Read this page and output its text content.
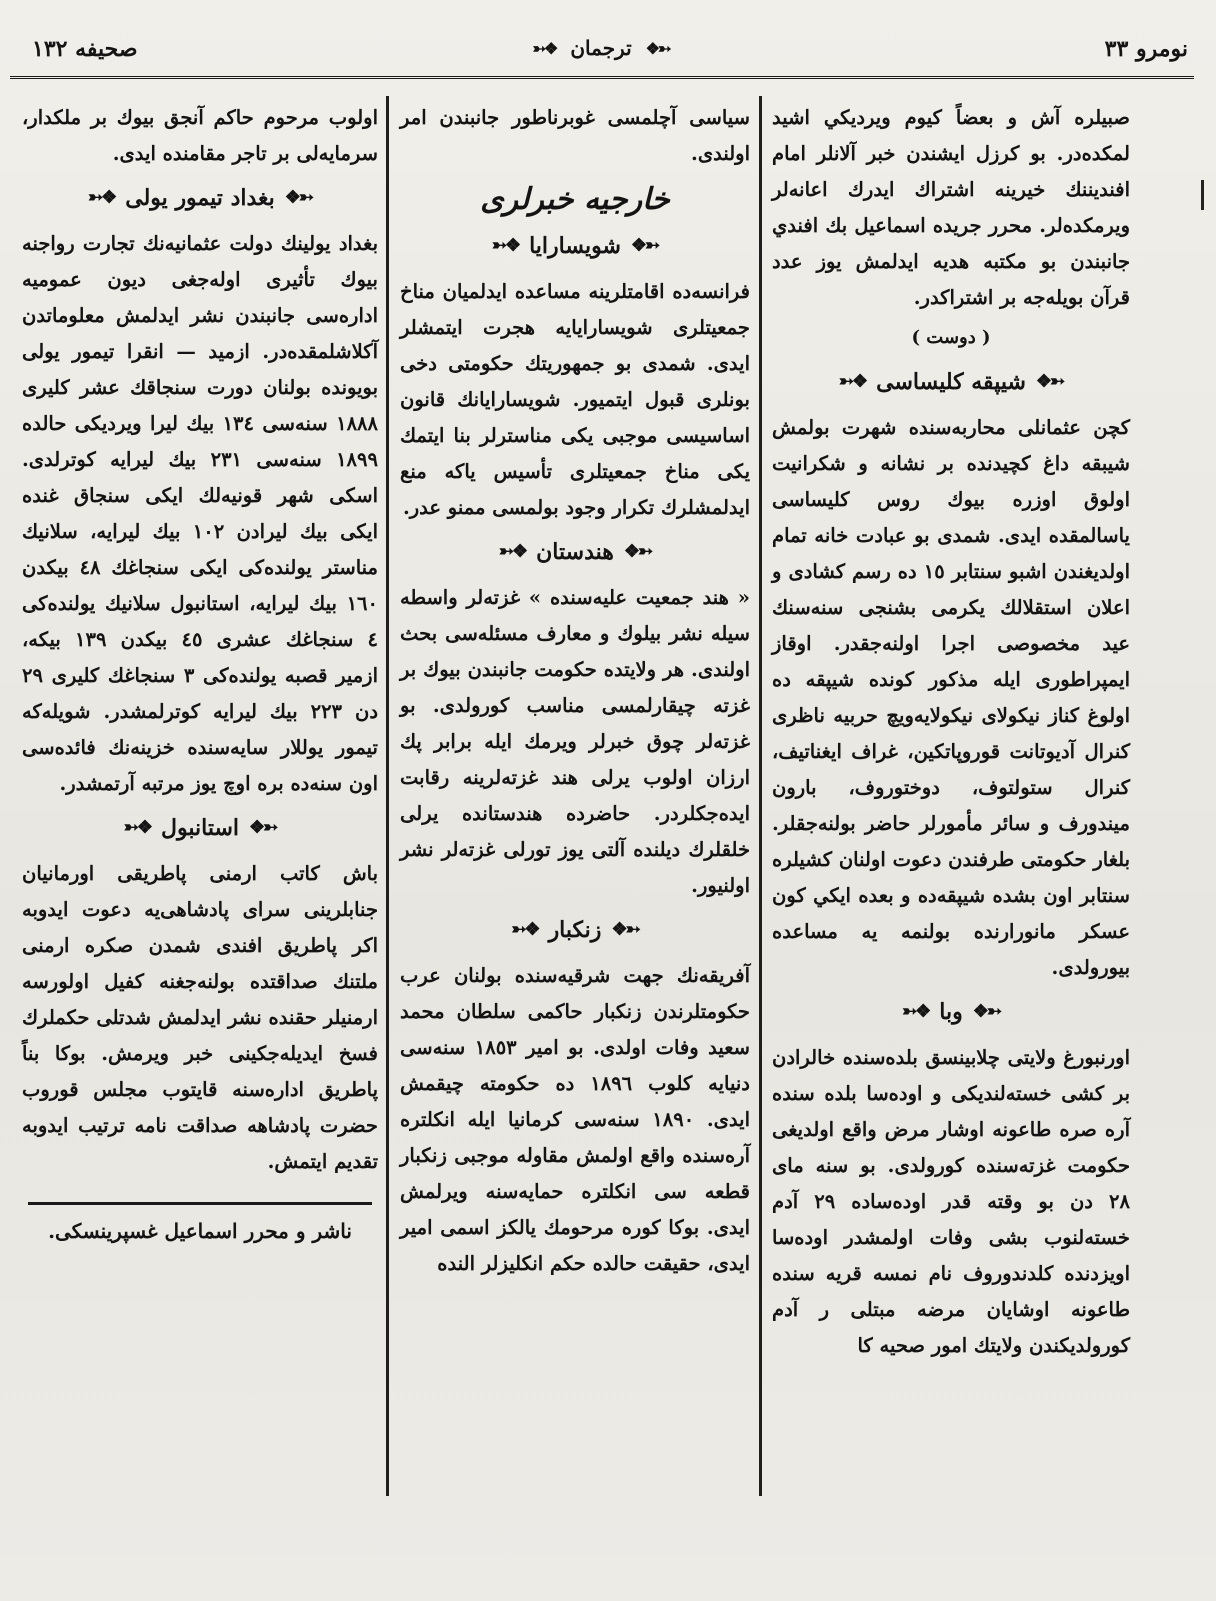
نومرو ٣٣
❖➳
ترجمان
➳❖
صحيفه ١٣٢

صبيلره آش و بعضاً كيوم ويرديكي اشيد لمكده‌در. بو كرزل ايشندن خبر آلانلر امام افنديننك خيرينه اشتراك ايدرك اعانه‌لر ويرمكده‌لر. محرر جريده اسماعيل بك افندي جانبندن بو مكتبه هديه ايدلمش يوز عدد قرآن بويله‌جه بر اشتراكدر.

( دوست )
❖➳
شيپقه كليساسى
➳❖

كچن عثمانلى محاربه‌سنده شهرت بولمش شيبقه داغ كچيدنده بر نشانه و شكرانيت اولوق اوزره بيوك روس كليساسى ياسالمقده ايدى. شمدى بو عبادت خانه تمام اولديغندن اشبو سنتابر ١٥ ده رسم كشادى و اعلان استقلالك يكرمى بشنجى سنه‌سنك عيد مخصوصى اجرا اولنه‌جقدر. اوقاز ايمپراطورى ايله مذكور كونده شيپقه ده اولوغ كناز نيكولاى نيكولايه‌ويچ حربيه ناظرى كنرال آديوتانت قوروپاتكين، غراف ايغناتيف، كنرال ستولتوف، دوختوروف، بارون ميندورف و سائر مأمورلر حاضر بولنه‌جقلر. بلغار حكومتى طرفندن دعوت اولنان كشيلره سنتابر اون بشده شيپقه‌ده و بعده ايكي كون عسكر مانورا‌رنده بولنمه يه مساعده بيورولدى.

❖➳
وبا
➳❖

اورنبورغ ولايتى چلابينسق بلده‌سنده خالرادن بر كشى خسته‌لنديكى و اوده‌سا بلده سنده آره صره طاعونه اوشار مرض واقع اولديغى حكومت غزته‌سنده كورولدى. بو سنه ماى ٢٨ دن بو وقته قدر اوده‌ساده ٢٩ آدم خسته‌لنوب بشى وفات اولمشدر اوده‌سا اويزدنده كلدندوروف نام نمسه قريه سنده طاعونه اوشايان مرضه مبتلى ر آدم كورولديكندن ولايتك امور صحيه كا

سياسى آچلمسى غوبرناطور جانبندن امر اولندى.

خارجيه خبرلرى
❖➳
شويسارايا
➳❖

فرانسه‌ده اقامتلرينه مساعده ايدلميان مناخ جمعيتلرى شويسارايايه هجرت ايتمشلر ايدى. شمدى بو جمهوريتك حكومتى دخى بونلرى قبول ايتميور. شويسارايانك قانون اساسيسى موجبى يكى مناسترلر بنا ايتمك يكى مناخ جمعيتلرى تأسيس ياكه منع ايدلمشلرك تكرار وجود بولمسى ممنو عدر.

❖➳
هندستان
➳❖

« هند جمعيت عليه‌سنده » غزته‌لر واسطه سيله نشر بيلوك و معارف مسئله‌سى بحث اولندى. هر ولايتده حكومت جانبندن بيوك بر غزته چيقارلمسى مناسب كورولدى. بو غزته‌لر چوق خبرلر ويرمك ايله برابر پك ارزان اولوب يرلى هند غزته‌لرينه رقابت ايده‌جكلردر. حاضرده هندستانده يرلى خلقلرك ديلنده آلتى يوز تورلى غزته‌لر نشر اولنيور.

❖➳
زنكبار
➳❖

آفريقه‌نك جهت شرقيه‌سنده بولنان عرب حكومتلرندن زنكبار حاكمى سلطان محمد سعيد وفات اولدى. بو امير ١٨٥٣ سنه‌سى دنيايه كلوب ١٨٩٦ ده حكومته چيقمش ايدى. ١٨٩٠ سنه‌سى كرمانيا ايله انكلتره آره‌سنده واقع اولمش مقاوله موجبى زنكبار قطعه سى انكلتره حمايه‌سنه ويرلمش ايدى. بوكا كوره مرحومك يالكز اسمى امير ايدى، حقيقت حالده حكم انكليزلر النده

اولوب مرحوم حاكم آنجق بيوك بر ملكدار، سرمايه‌لى بر تاجر مقامنده ايدى.

❖➳
بغداد تيمور يولى
➳❖

بغداد يولينك دولت عثمانيه‌نك تجارت رواجنه بيوك تأثيرى اوله‌جغى ديون عموميه اداره‌سى جانبندن نشر ايدلمش معلوماتدن آكلاشلمقده‌در. ازميد — انقرا تيمور يولى بويونده بولنان دورت سنجاقك عشر كليرى ١٨٨٨ سنه‌سى ١٣٤ بيك ليرا ويرديكى حالده ١٨٩٩ سنه‌سى ٢٣١ بيك ليرايه كوترلدى. اسكى شهر قونيه‌لك ايكى سنجاق غنده ايكى بيك ليرادن ١٠٢ بيك ليرايه، سلانيك مناستر يولنده‌كى ايكى سنجاغك ٤٨ بيكدن ١٦٠ بيك ليرايه، استانبول سلانيك يولنده‌كى ٤ سنجاغك عشرى ٤٥ بيكدن ١٣٩ بيكه، ازمير قصبه يولنده‌كى ٣ سنجاغك كليرى ٢٩ دن ٢٢٣ بيك ليرايه كوترلمشدر. شويله‌كه تيمور يوللار سايه‌سنده خزينه‌نك فائده‌سى اون سنه‌ده بره اوچ يوز مرتبه آرتمشدر.

❖➳
استانبول
➳❖

باش كاتب ارمنى پاطريقى اورمانيان جنابلرينى سراى پادشاهى‌يه دعوت ايدوبه اكر پاطريق افندى شمدن صكره ارمنى ملتنك صداقتده بولنه‌جغنه كفيل اولورسه ارمنيلر حقنده نشر ايدلمش شدتلى حكملرك فسخ ايديله‌جكينى خبر ويرمش. بوكا بناً پاطريق اداره‌سنه قايتوب مجلس قوروب حضرت پادشاهه صداقت نامه ترتيب ايدوبه تقديم ايتمش.

ناشر و محرر اسماعيل غسپرينسكى.
